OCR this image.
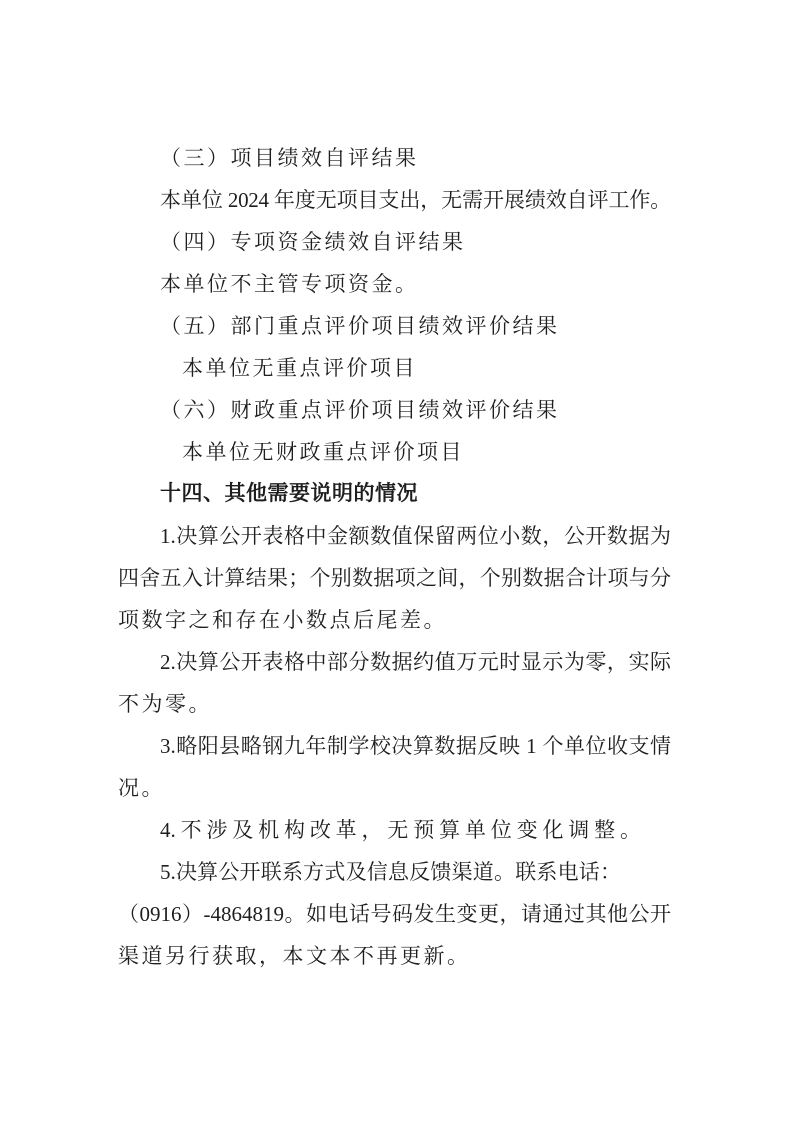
（三）项目绩效自评结果
本单位 2024 年度无项目支出，无需开展绩效自评工作。
（四）专项资金绩效自评结果
本单位不主管专项资金。
（五）部门重点评价项目绩效评价结果
本单位无重点评价项目
（六）财政重点评价项目绩效评价结果
本单位无财政重点评价项目
十四、其他需要说明的情况
1.决算公开表格中金额数值保留两位小数，公开数据为
四舍五入计算结果；个别数据项之间，个别数据合计项与分
项数字之和存在小数点后尾差。
2.决算公开表格中部分数据约值万元时显示为零，实际
不为零。
3.略阳县略钢九年制学校决算数据反映 1 个单位收支情
况。
4.不涉及机构改革，无预算单位变化调整。
5.决算公开联系方式及信息反馈渠道。联系电话：
（0916）-4864819。如电话号码发生变更，请通过其他公开
渠道另行获取，本文本不再更新。
